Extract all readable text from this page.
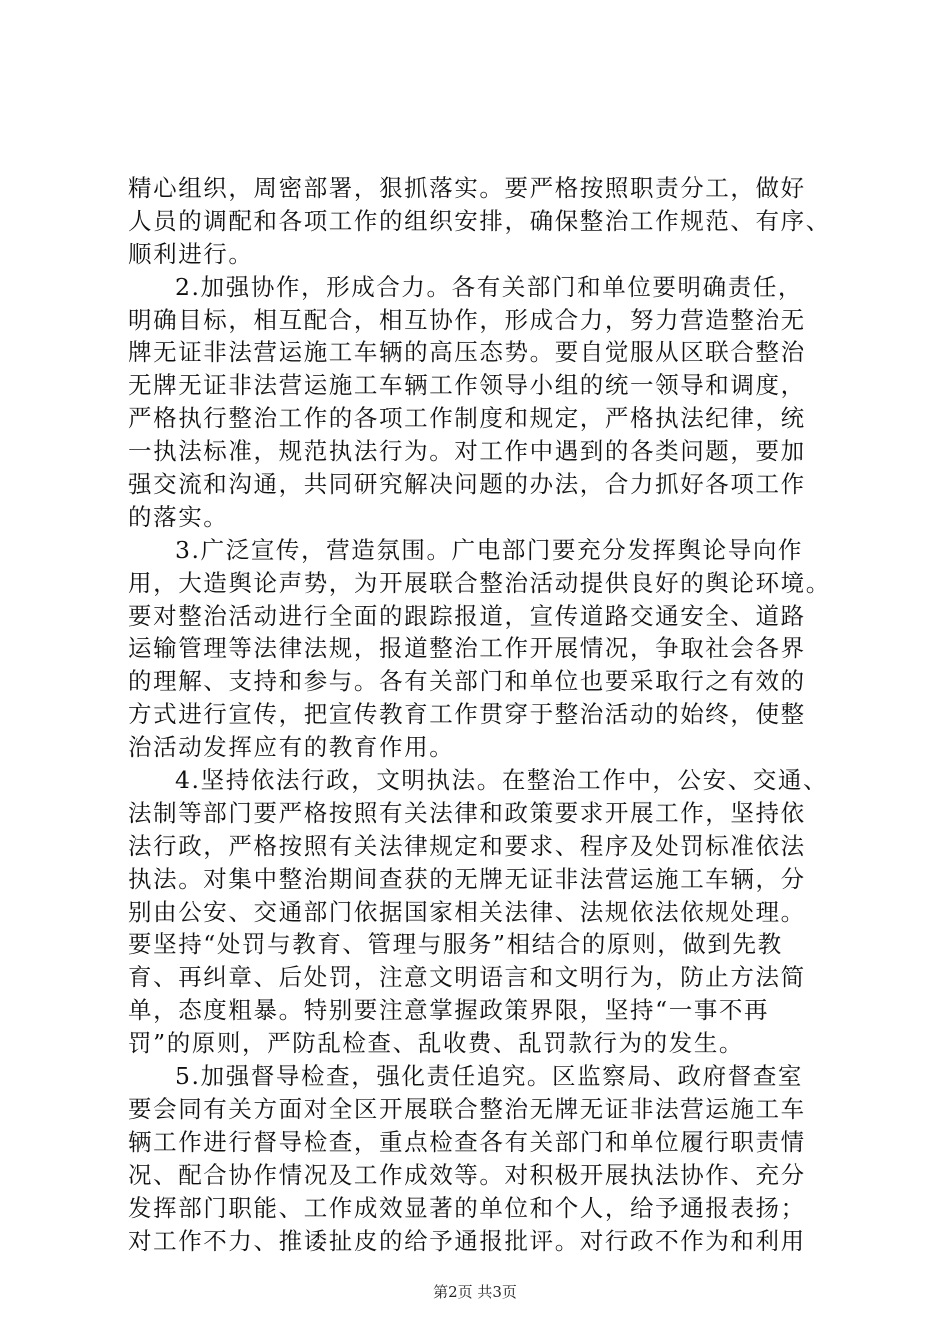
精心组织，周密部署，狠抓落实。要严格按照职责分工，做好
人员的调配和各项工作的组织安排，确保整治工作规范、有序、
顺利进行。
2.加强协作，形成合力。各有关部门和单位要明确责任，
明确目标，相互配合，相互协作，形成合力，努力营造整治无
牌无证非法营运施工车辆的高压态势。要自觉服从区联合整治
无牌无证非法营运施工车辆工作领导小组的统一领导和调度，
严格执行整治工作的各项工作制度和规定，严格执法纪律，统
一执法标准，规范执法行为。对工作中遇到的各类问题，要加
强交流和沟通，共同研究解决问题的办法，合力抓好各项工作
的落实。
3.广泛宣传，营造氛围。广电部门要充分发挥舆论导向作
用，大造舆论声势，为开展联合整治活动提供良好的舆论环境。
要对整治活动进行全面的跟踪报道，宣传道路交通安全、道路
运输管理等法律法规，报道整治工作开展情况，争取社会各界
的理解、支持和参与。各有关部门和单位也要采取行之有效的
方式进行宣传，把宣传教育工作贯穿于整治活动的始终，使整
治活动发挥应有的教育作用。
4.坚持依法行政，文明执法。在整治工作中，公安、交通、
法制等部门要严格按照有关法律和政策要求开展工作，坚持依
法行政，严格按照有关法律规定和要求、程序及处罚标准依法
执法。对集中整治期间查获的无牌无证非法营运施工车辆，分
别由公安、交通部门依据国家相关法律、法规依法依规处理。
要坚持“处罚与教育、管理与服务”相结合的原则，做到先教
育、再纠章、后处罚，注意文明语言和文明行为，防止方法简
单，态度粗暴。特别要注意掌握政策界限，坚持“一事不再
罚”的原则，严防乱检查、乱收费、乱罚款行为的发生。
5.加强督导检查，强化责任追究。区监察局、政府督查室
要会同有关方面对全区开展联合整治无牌无证非法营运施工车
辆工作进行督导检查，重点检查各有关部门和单位履行职责情
况、配合协作情况及工作成效等。对积极开展执法协作、充分
发挥部门职能、工作成效显著的单位和个人，给予通报表扬；
对工作不力、推诿扯皮的给予通报批评。对行政不作为和利用
第2页 共3页
